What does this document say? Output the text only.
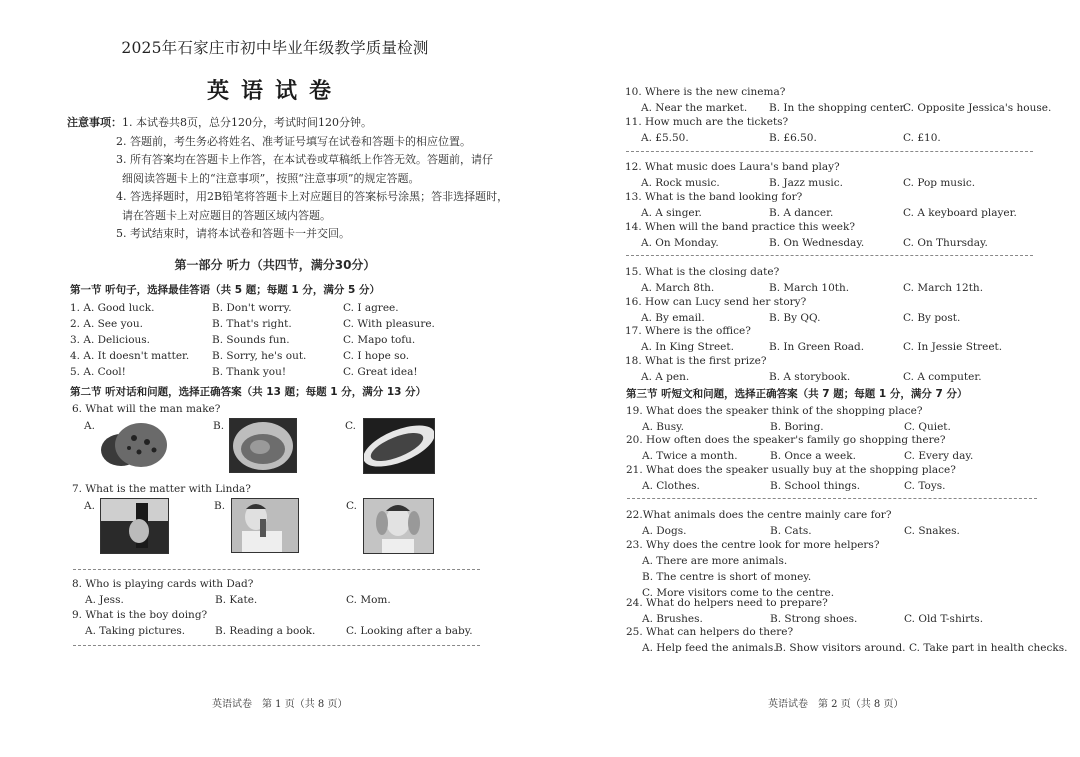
2025年石家庄市初中毕业年级教学质量检测
英语试卷
注意事项：1. 本试卷共8页，总分120分，考试时间120分钟。
2. 答题前，考生务必将姓名、准考证号填写在试卷和答题卡的相应位置。
3. 所有答案均在答题卡上作答，在本试卷或草稿纸上作答无效。答题前，请仔
细阅读答题卡上的“注意事项”，按照“注意事项”的规定答题。
4. 答选择题时，用2B铅笔将答题卡上对应题目的答案标号涂黑；答非选择题时，
请在答题卡上对应题目的答题区域内答题。
5. 考试结束时，请将本试卷和答题卡一并交回。
第一部分 听力（共四节，满分30分）
第一节 听句子，选择最佳答语（共 5 题；每题 1 分，满分 5 分）
1. A. Good luck.	B. Don't worry.	C. I agree.
2. A. See you.	B. That's right.	C. With pleasure.
3. A. Delicious.	B. Sounds fun.	C. Mapo tofu.
4. A. It doesn't matter.	B. Sorry, he's out.	C. I hope so.
5. A. Cool!	B. Thank you!	C. Great idea!
第二节 听对话和问题，选择正确答案（共 13 题；每题 1 分，满分 13 分）
6. What will the man make?
A.	B.	C.
7. What is the matter with Linda?
A.	B.	C.
8. Who is playing cards with Dad?
A. Jess.	B. Kate.	C. Mom.
9. What is the boy doing?
A. Taking pictures.	B. Reading a book.	C. Looking after a baby.
英语试卷　第 1 页（共 8 页）
10. Where is the new cinema?
A. Near the market.	B. In the shopping center.
C. Opposite Jessica's house.
11. How much are the tickets?
A. £5.50.	B. £6.50.	C. £10.
12. What music does Laura's band play?
A. Rock music.	B. Jazz music.	C. Pop music.
13. What is the band looking for?
A. A singer.	B. A dancer.	C. A keyboard player.
14. When will the band practice this week?
A. On Monday.	B. On Wednesday.	C. On Thursday.
15. What is the closing date?
A. March 8th.	B. March 10th.	C. March 12th.
16. How can Lucy send her story?
A. By email.	B. By QQ.	C. By post.
17. Where is the office?
A. In King Street.	B. In Green Road.	C. In Jessie Street.
18. What is the first prize?
A. A pen.	B. A storybook.	C. A computer.
第三节 听短文和问题，选择正确答案（共 7 题；每题 1 分，满分 7 分）
19. What does the speaker think of the shopping place?
A. Busy.	B. Boring.	C. Quiet.
20. How often does the speaker's family go shopping there?
A. Twice a month.	B. Once a week.	C. Every day.
21. What does the speaker usually buy at the shopping place?
A. Clothes.	B. School things.	C. Toys.
22.What animals does the centre mainly care for?
A. Dogs.	B. Cats.	C. Snakes.
23. Why does the centre look for more helpers?
A. There are more animals.
B. The centre is short of money.
C. More visitors come to the centre.
24. What do helpers need to prepare?
A. Brushes.	B. Strong shoes.	C. Old T-shirts.
25. What can helpers do there?
A. Help feed the animals.
B. Show visitors around. C. Take part in health checks.
英语试卷　第 2 页（共 8 页）
